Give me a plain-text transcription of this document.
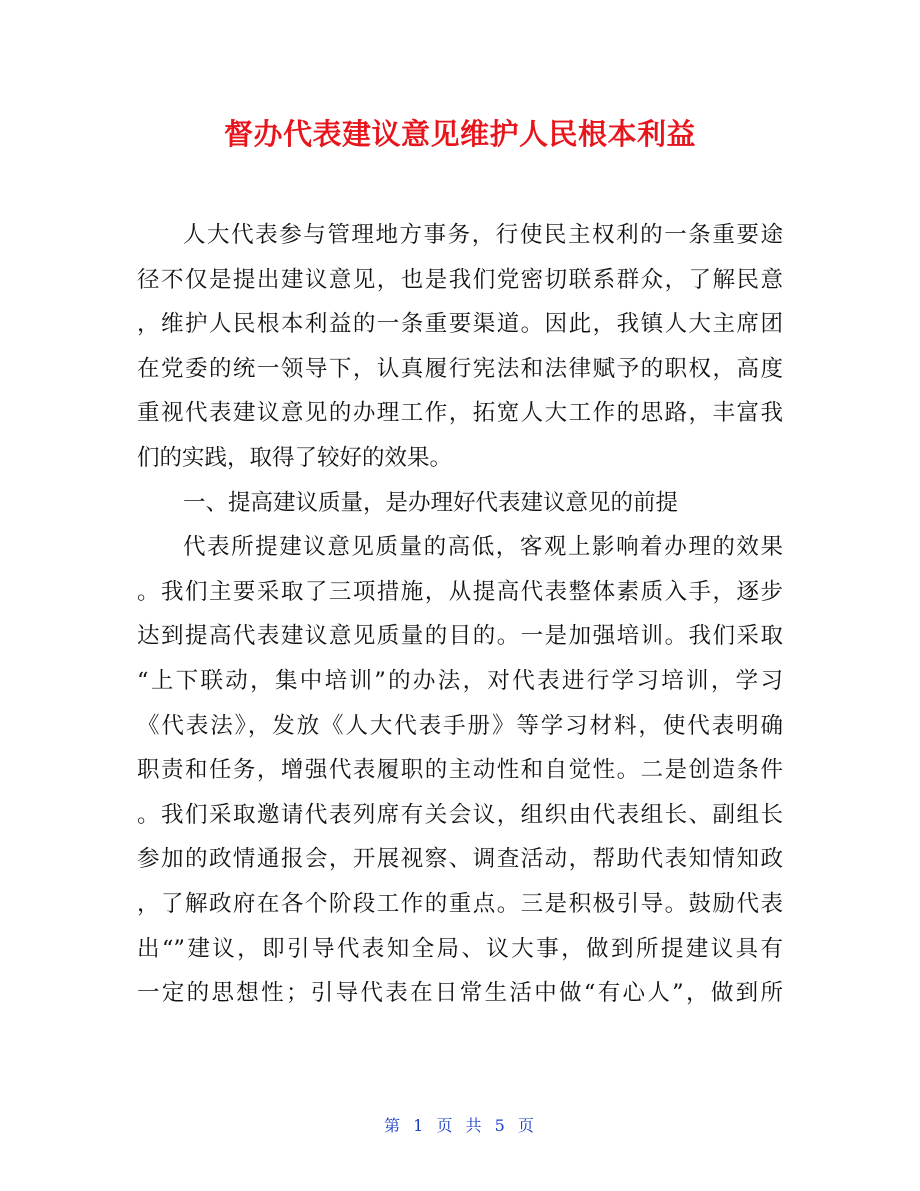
督办代表建议意见维护人民根本利益
人大代表参与管理地方事务，行使民主权利的一条重要途
径不仅是提出建议意见，也是我们党密切联系群众，了解民意
，维护人民根本利益的一条重要渠道。因此，我镇人大主席团
在党委的统一领导下，认真履行宪法和法律赋予的职权，高度
重视代表建议意见的办理工作，拓宽人大工作的思路，丰富我
们的实践，取得了较好的效果。
一、提高建议质量，是办理好代表建议意见的前提
代表所提建议意见质量的高低，客观上影响着办理的效果
。我们主要采取了三项措施，从提高代表整体素质入手，逐步
达到提高代表建议意见质量的目的。一是加强培训。我们采取
“上下联动，集中培训”的办法，对代表进行学习培训，学习
《代表法》，发放《人大代表手册》等学习材料，使代表明确
职责和任务，增强代表履职的主动性和自觉性。二是创造条件
。我们采取邀请代表列席有关会议，组织由代表组长、副组长
参加的政情通报会，开展视察、调查活动，帮助代表知情知政
，了解政府在各个阶段工作的重点。三是积极引导。鼓励代表
出“”建议，即引导代表知全局、议大事，做到所提建议具有
一定的思想性；引导代表在日常生活中做“有心人”，做到所
第 1 页 共 5 页
